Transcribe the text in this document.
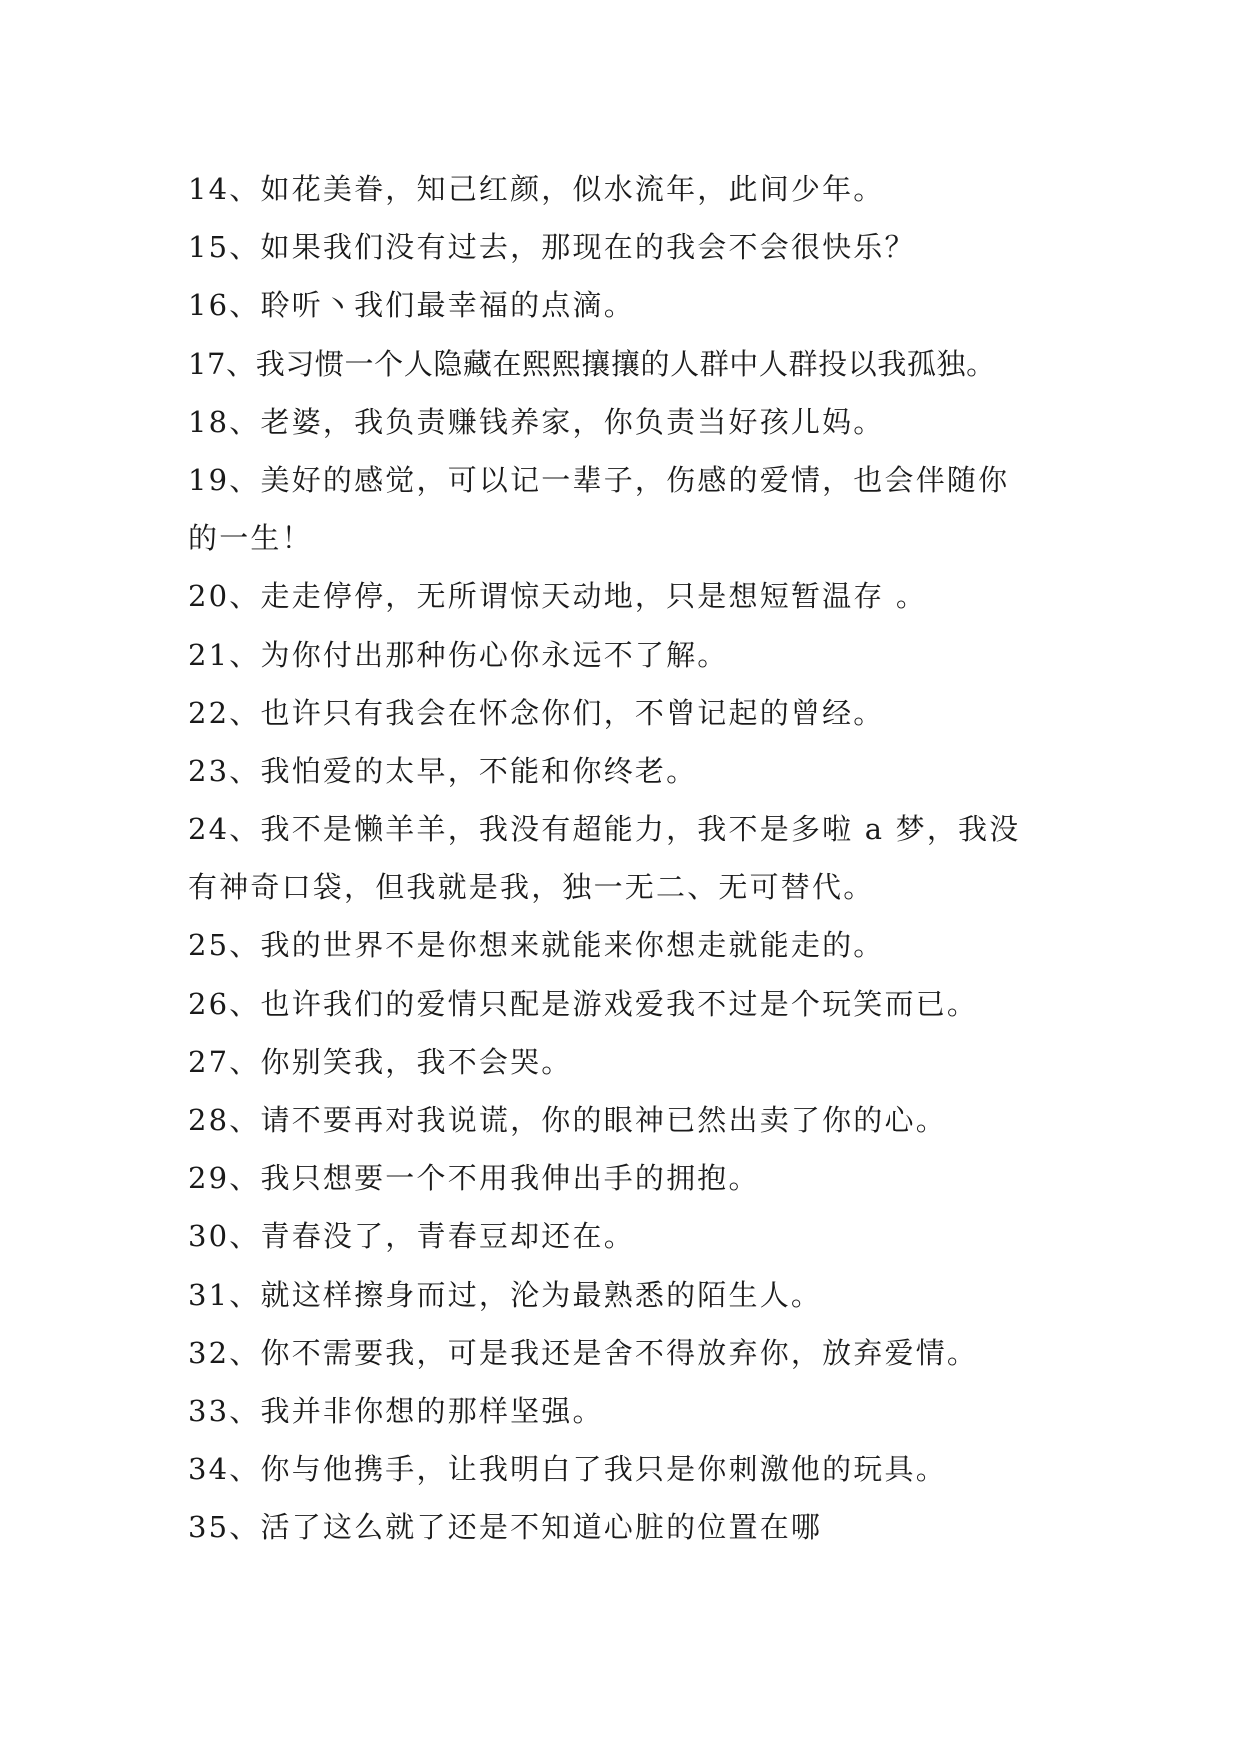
14、如花美眷，知己红颜，似水流年，此间少年。
15、如果我们没有过去，那现在的我会不会很快乐？
16、聆听丶我们最幸福的点滴。
17、我习惯一个人隐藏在熙熙攘攘的人群中人群投以我孤独。
18、老婆，我负责赚钱养家，你负责当好孩儿妈。
19、美好的感觉，可以记一辈子，伤感的爱情，也会伴随你
的一生！
20、走走停停，无所谓惊天动地，只是想短暂温存 。
21、为你付出那种伤心你永远不了解。
22、也许只有我会在怀念你们，不曾记起的曾经。
23、我怕爱的太早，不能和你终老。
24、我不是懒羊羊，我没有超能力，我不是多啦 a 梦，我没
有神奇口袋，但我就是我，独一无二、无可替代。
25、我的世界不是你想来就能来你想走就能走的。
26、也许我们的爱情只配是游戏爱我不过是个玩笑而已。
27、你别笑我，我不会哭。
28、请不要再对我说谎，你的眼神已然出卖了你的心。
29、我只想要一个不用我伸出手的拥抱。
30、青春没了，青春豆却还在。
31、就这样擦身而过，沦为最熟悉的陌生人。
32、你不需要我，可是我还是舍不得放弃你，放弃爱情。
33、我并非你想的那样坚强。
34、你与他携手，让我明白了我只是你刺激他的玩具。
35、活了这么就了还是不知道心脏的位置在哪
